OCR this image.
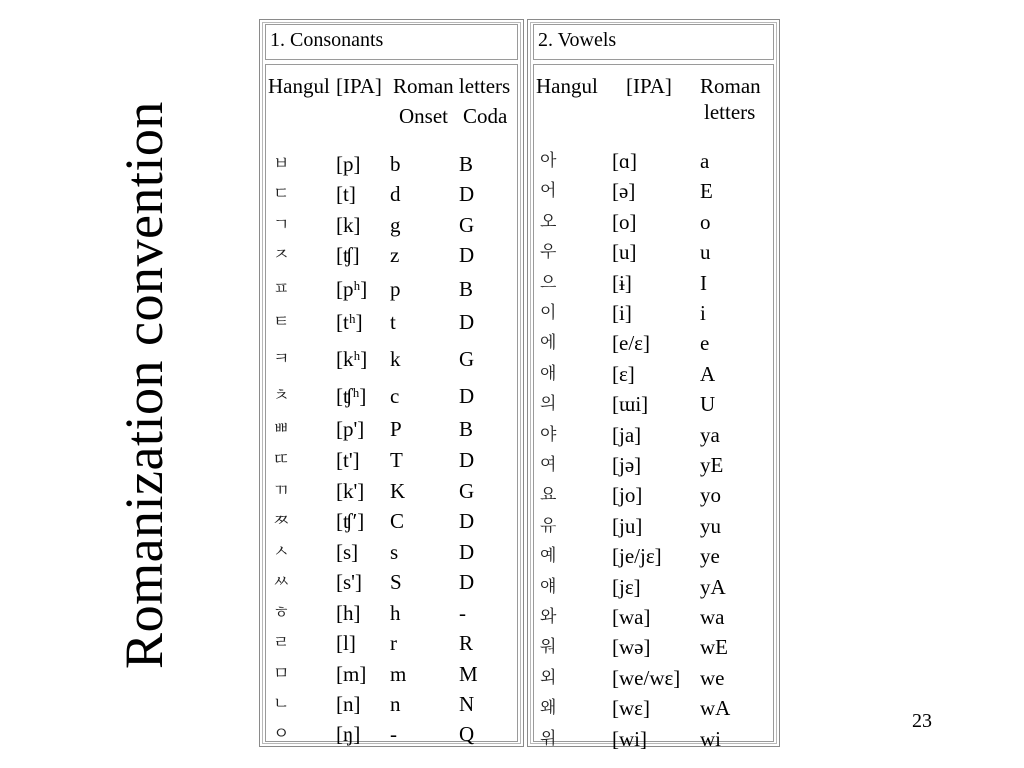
Romanization convention
1. Consonants
Hangul [IPA] Roman letters
Onset Coda
ㅂ [p] b	B
ㄷ [t] d	D
ㄱ [k] g	G
ㅈ [ʧ] z	D
ㅍ [pʰ] p	B
ㅌ [tʰ] t	D
ㅋ [kʰ] k	G
ㅊ [ʧʰ] c	D
ㅃ [p'] P	B
ㄸ [t'] T	D
ㄲ [k'] K	G
ㅉ [ʧ′] C	D
ㅅ [s] s	D
ㅆ [s'] S	D
ㅎ [h] h	-
ㄹ [l] r	R
ㅁ [m] m	M
ㄴ [n] n	N
ㅇ [ŋ] -	Q
2. Vowels
Hangul [IPA] Roman
letters
아	[ɑ]	a
어	[ə]	E
오	[o]	o
우	[u]	u
으	[ɨ]	I
이	[i]	i
에	[e/ɛ] e
애	[ɛ]	A
의	[ɯi] U
야	[ja]	ya
여	[jə]	yE
요	[jo]	yo
유	[ju]	yu
예	[je/jɛ] ye
얘	[jɛ]	yA
와	[wa] wa
워	[wə] wE
외	[we/wɛ] we
왜	[wɛ] wA
위	[wi]	wi
23
